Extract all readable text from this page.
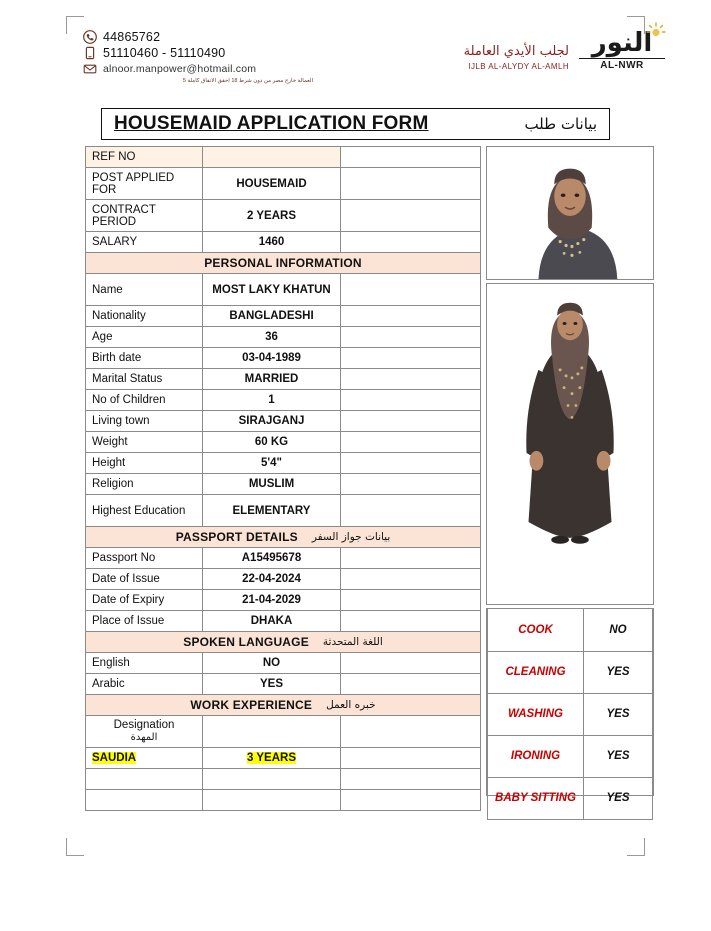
44865762
51110460 - 51110490
alnoor.manpower@hotmail.com
العمالة خارج مصر من دون شرط 18 احقق الاتفاق كاملة 5
لجلب الأيدي العاملة
IJLB AL-ALYDY AL-AMLH
النور
AL-NWR
HOUSEMAID APPLICATION FORM	بيانات طلب
REF NO		
POST APPLIED FOR	HOUSEMAID	
CONTRACT PERIOD	2 YEARS	
SALARY	1460	
PERSONAL INFORMATION		
Name	MOST LAKY KHATUN	
Nationality	BANGLADESHI	
Age	36	
Birth date	03-04-1989	
Marital Status	MARRIED	
No of Children	1	
Living town	SIRAJGANJ	
Weight	60 KG	
Height	5'4"	
Religion	MUSLIM	
Highest Education	ELEMENTARY	

PASSPORT DETAILS بيانات جواز السفر		

Passport No	A15495678	
Date of Issue	22-04-2024	
Date of Expiry	21-04-2029	
Place of Issue	DHAKA	

SPOKEN LANGUAGE اللغة المتحدثة		

English	NO	
Arabic	YES	

WORK EXPERIENCE خبره العمل		

Designation
المهدة		

SAUDIA	3 YEARS	

COOK	NO
CLEANING	YES
WASHING	YES
IRONING	YES
BABY SITTING	YES
